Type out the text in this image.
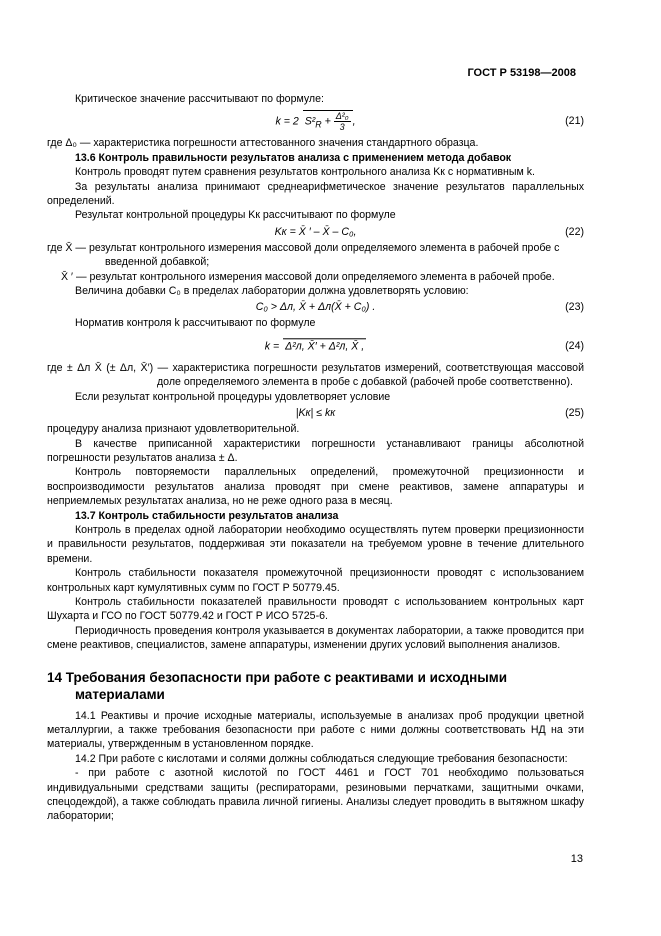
ГОСТ Р 53198—2008

Критическое значение рассчитывают по формуле:

k = 2 $S^2_R + \frac{\text{Δ²₀}}{3}$ ,	(21)

где Δ₀ — характеристика погрешности аттестованного значения стандартного образца.

13.6 Контроль правильности результатов анализа с применением метода добавок

Контроль проводят путем сравнения результатов контрольного анализа Kк с нормативным k.

За результаты анализа принимают среднеарифметическое значение результатов параллельных определений.

Результат контрольной процедуры Kк рассчитывают по формуле

Kк = X̄ ′ – X̄ – C₀,	(22)

где X̄ — результат контрольного измерения массовой доли определяемого элемента в рабочей пробе с введенной добавкой;

X̄ ′ — результат контрольного измерения массовой доли определяемого элемента в рабочей пробе.

Величина добавки C₀ в пределах лаборатории должна удовлетворять условию:

C₀ > Δл, X̄ + Δл(X̄ + C₀) .	(23)

Норматив контроля k рассчитывают по формуле

k = Δ²л, X̄′ + Δ²л, X̄ ,	(24)

где ± Δл X̄ (± Δл, X̄′) — характеристика погрешности результатов измерений, соответствующая массовой доле определяемого элемента в пробе с добавкой (рабочей пробе соответственно).

Если результат контрольной процедуры удовлетворяет условие

|Kк| ≤ kк	(25)

процедуру анализа признают удовлетворительной.

В качестве приписанной характеристики погрешности устанавливают границы абсолютной погрешности результатов анализа ± Δ.

Контроль повторяемости параллельных определений, промежуточной прецизионности и воспроизводимости результатов анализа проводят при смене реактивов, замене аппаратуры и неприемлемых результатах анализа, но не реже одного раза в месяц.

13.7 Контроль стабильности результатов анализа

Контроль в пределах одной лаборатории необходимо осуществлять путем проверки прецизионности и правильности результатов, поддерживая эти показатели на требуемом уровне в течение длительного времени.

Контроль стабильности показателя промежуточной прецизионности проводят с использованием контрольных карт кумулятивных сумм по ГОСТ Р 50779.45.

Контроль стабильности показателей правильности проводят с использованием контрольных карт Шухарта и ГСО по ГОСТ 50779.42 и ГОСТ Р ИСО 5725-6.

Периодичность проведения контроля указывается в документах лаборатории, а также проводится при смене реактивов, специалистов, замене аппаратуры, изменении других условий выполнения анализов.

14 Требования безопасности при работе с реактивами и исходными материалами

14.1 Реактивы и прочие исходные материалы, используемые в анализах проб продукции цветной металлургии, а также требования безопасности при работе с ними должны соответствовать НД на эти материалы, утвержденным в установленном порядке.

14.2 При работе с кислотами и солями должны соблюдаться следующие требования безопасности:

- при работе с азотной кислотой по ГОСТ 4461 и ГОСТ 701 необходимо пользоваться индивидуальными средствами защиты (респираторами, резиновыми перчатками, защитными очками, спецодеждой), а также соблюдать правила личной гигиены. Анализы следует проводить в вытяжном шкафу лаборатории;

13
